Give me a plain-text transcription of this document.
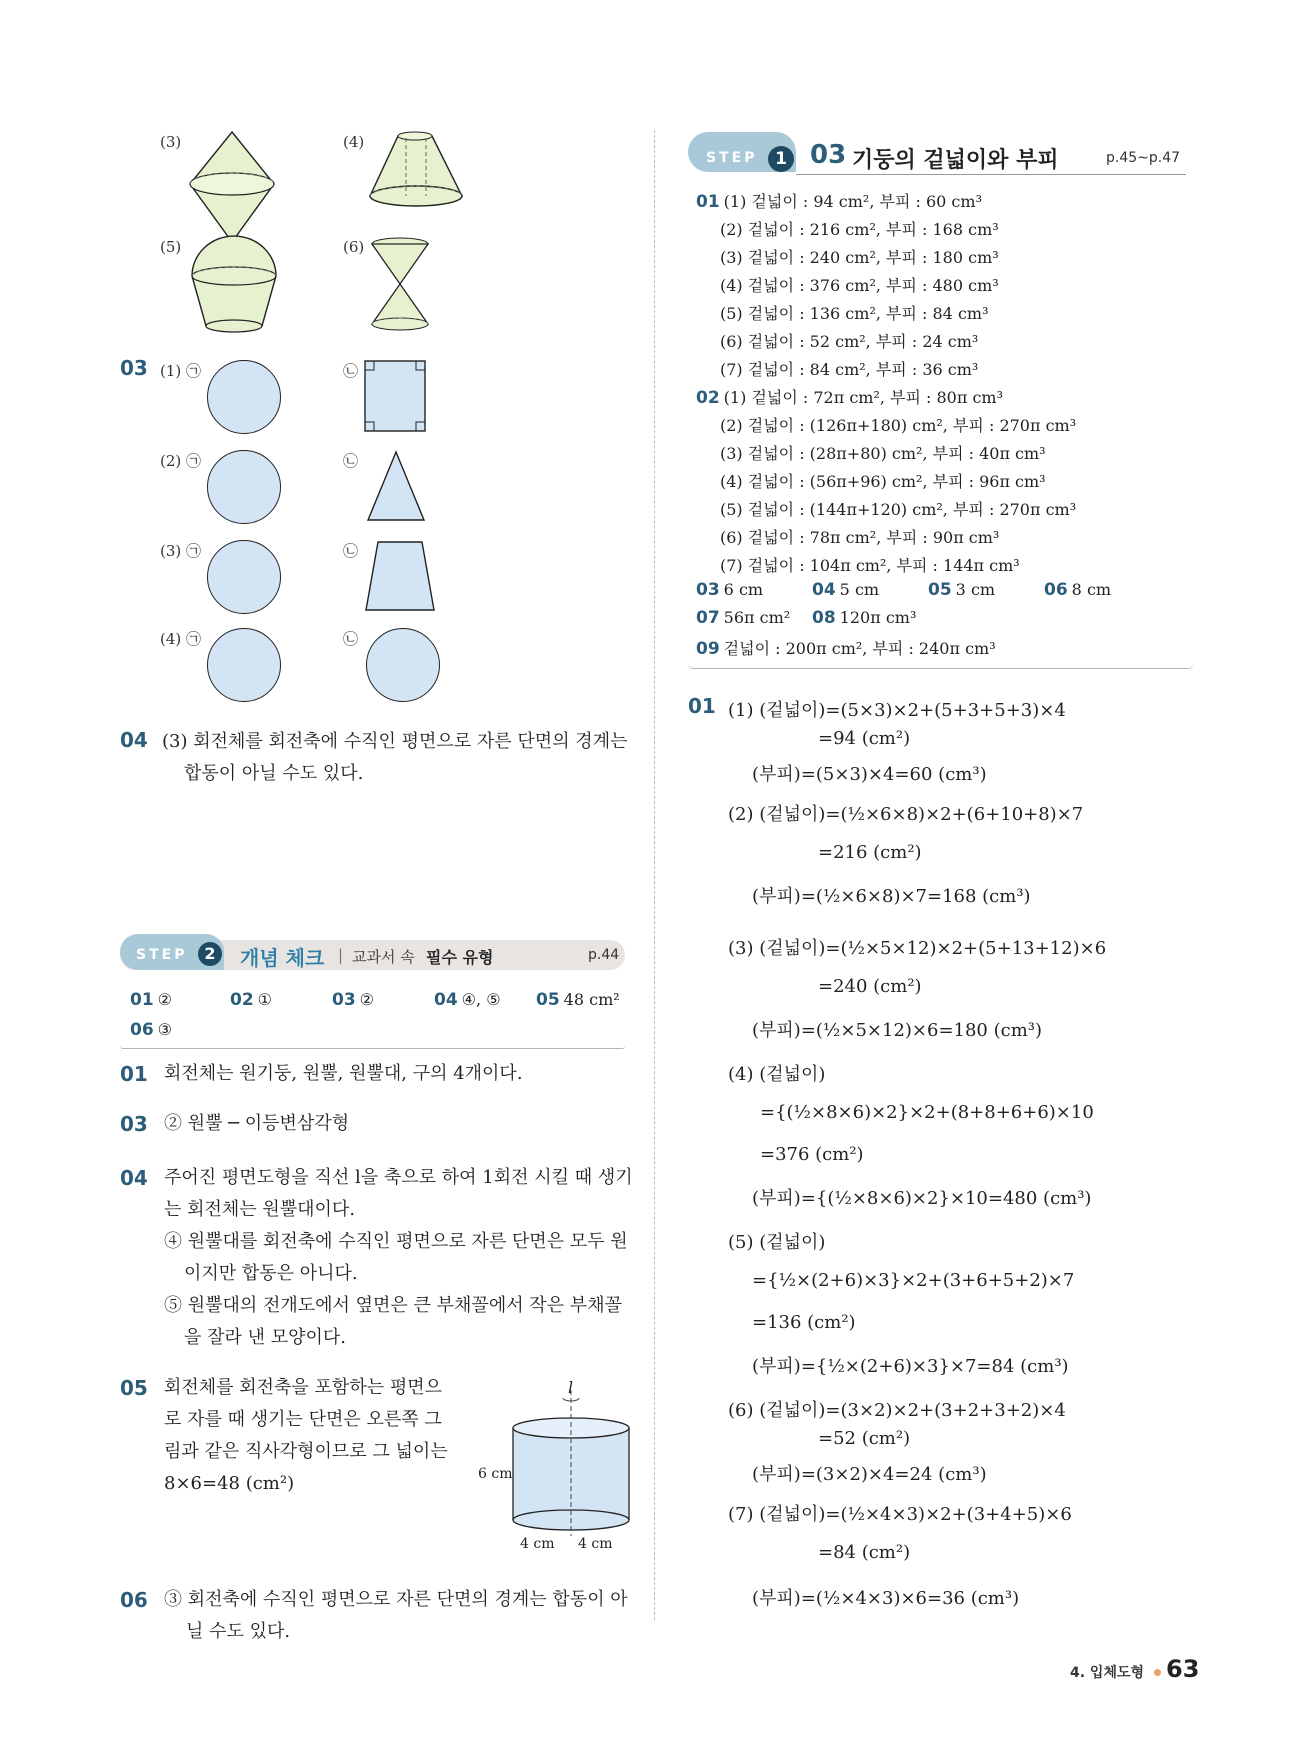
(3)	(4)
(5)	(6)
03 (1) ㉠	㉡
(2) ㉠	㉡
(3) ㉠	㉡
(4) ㉠	㉡
04 (3) 회전체를 회전축에 수직인 평면으로 자른 단면의 경계는
합동이 아닐 수도 있다.
STEP	2	개념 체크 | 교과서 속 필수 유형	p.44
01 ②	02 ①	03 ②	04 ④, ⑤ 05 48 cm²
06 ③
01 회전체는 원기둥, 원뿔, 원뿔대, 구의 4개이다.
03 ② 원뿔 ─ 이등변삼각형
04 주어진 평면도형을 직선 l을 축으로 하여 1회전 시킬 때 생기
는 회전체는 원뿔대이다.
④ 원뿔대를 회전축에 수직인 평면으로 자른 단면은 모두 원
이지만 합동은 아니다.
⑤ 원뿔대의 전개도에서 옆면은 큰 부채꼴에서 작은 부채꼴
을 잘라 낸 모양이다.
05 회전체를 회전축을 포함하는 평면으
로 자를 때 생기는 단면은 오른쪽 그
림과 같은 직사각형이므로 그 넓이는
8×6=48 (cm²)
l
6 cm
4 cm 4 cm
06 ③ 회전축에 수직인 평면으로 자른 단면의 경계는 합동이 아
닐 수도 있다.
STEP	1 03 기둥의 겉넓이와 부피	p.45~p.47
01 (1) 겉넓이 : 94 cm², 부피 : 60 cm³
(2) 겉넓이 : 216 cm², 부피 : 168 cm³
(3) 겉넓이 : 240 cm², 부피 : 180 cm³
(4) 겉넓이 : 376 cm², 부피 : 480 cm³
(5) 겉넓이 : 136 cm², 부피 : 84 cm³
(6) 겉넓이 : 52 cm², 부피 : 24 cm³
(7) 겉넓이 : 84 cm², 부피 : 36 cm³
02 (1) 겉넓이 : 72π cm², 부피 : 80π cm³
(2) 겉넓이 : (126π+180) cm², 부피 : 270π cm³
(3) 겉넓이 : (28π+80) cm², 부피 : 40π cm³
(4) 겉넓이 : (56π+96) cm², 부피 : 96π cm³
(5) 겉넓이 : (144π+120) cm², 부피 : 270π cm³
(6) 겉넓이 : 78π cm², 부피 : 90π cm³
(7) 겉넓이 : 104π cm², 부피 : 144π cm³
03 6 cm	04 5 cm	05 3 cm	06 8 cm
07 56π cm² 08 120π cm³
09 겉넓이 : 200π cm², 부피 : 240π cm³
01 (1) (겉넓이)=(5×3)×2+(5+3+5+3)×4
=94 (cm²)
(부피)=(5×3)×4=60 (cm³)
(2) (겉넓이)=(½×6×8)×2+(6+10+8)×7
=216 (cm²)
(부피)=(½×6×8)×7=168 (cm³)
(3) (겉넓이)=(½×5×12)×2+(5+13+12)×6
=240 (cm²)
(부피)=(½×5×12)×6=180 (cm³)
(4) (겉넓이)
={(½×8×6)×2}×2+(8+8+6+6)×10
=376 (cm²)
(부피)={(½×8×6)×2}×10=480 (cm³)
(5) (겉넓이)
={½×(2+6)×3}×2+(3+6+5+2)×7
=136 (cm²)
(부피)={½×(2+6)×3}×7=84 (cm³)
(6) (겉넓이)=(3×2)×2+(3+2+3+2)×4
=52 (cm²)
(부피)=(3×2)×4=24 (cm³)
(7) (겉넓이)=(½×4×3)×2+(3+4+5)×6
=84 (cm²)
(부피)=(½×4×3)×6=36 (cm³)
4. 입체도형 63
